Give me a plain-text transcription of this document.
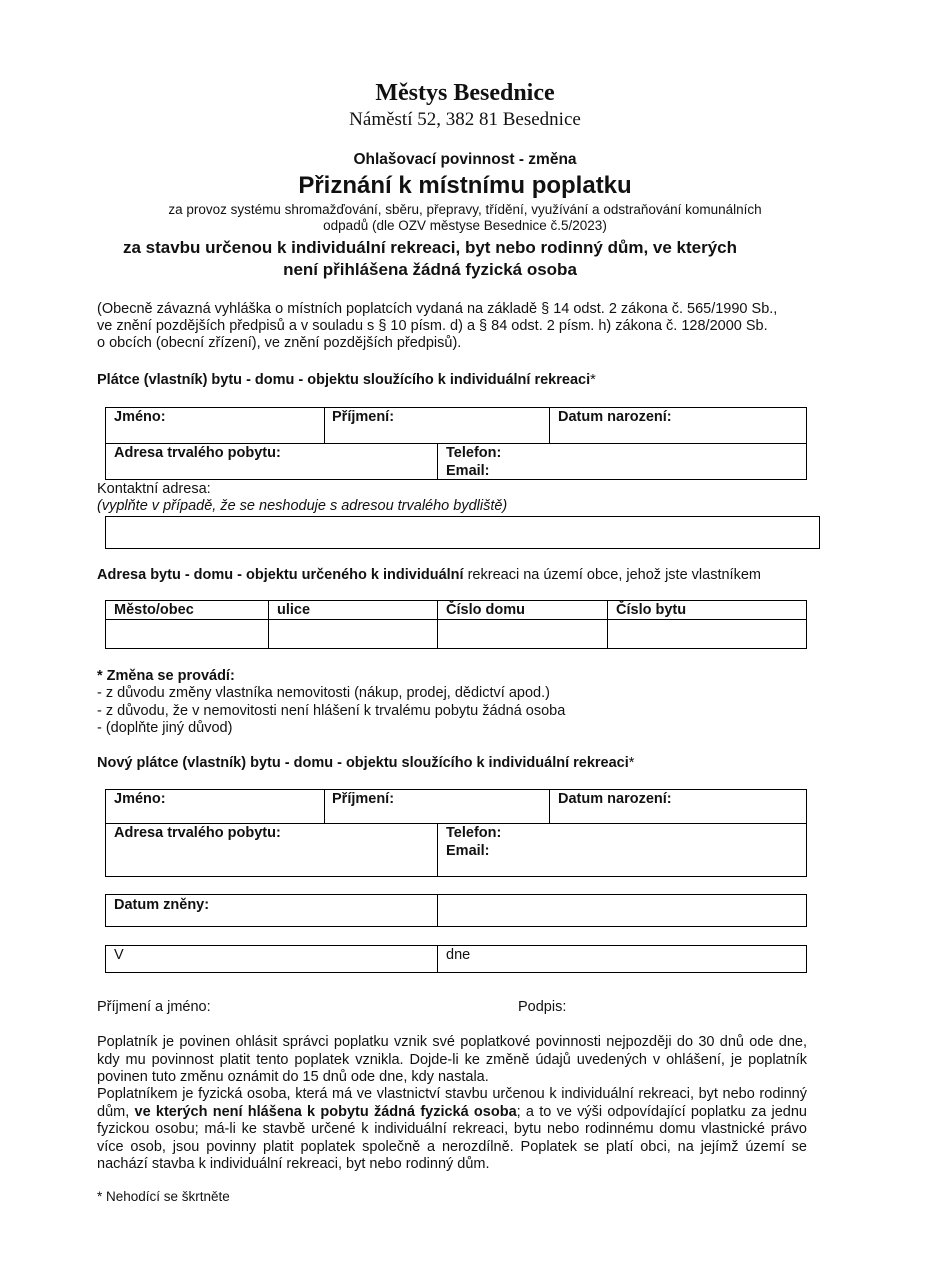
Městys Besednice
Náměstí 52, 382 81 Besednice
Ohlašovací povinnost - změna
Přiznání k místnímu poplatku
za provoz systému shromažďování, sběru, přepravy, třídění, využívání a odstraňování komunálních
odpadů (dle OZV městyse Besednice č.5/2023)
za stavbu určenou k individuální rekreaci, byt nebo rodinný dům, ve kterých
není přihlášena žádná fyzická osoba
(Obecně závazná vyhláška o místních poplatcích vydaná na základě § 14 odst. 2 zákona č. 565/1990 Sb.,
ve znění pozdějších předpisů a v souladu s § 10 písm. d) a § 84 odst. 2 písm. h) zákona č. 128/2000 Sb.
o obcích (obecní zřízení), ve znění pozdějších předpisů).
Plátce (vlastník) bytu - domu - objektu sloužícího k individuální rekreaci*
Jméno:	Příjmení:	Datum narození:
Adresa trvalého pobytu:	Telefon:
Email:
Kontaktní adresa:
(vyplňte v případě, že se neshoduje s adresou trvalého bydliště)
Adresa bytu - domu - objektu určeného k individuální rekreaci na území obce, jehož jste vlastníkem
Město/obec	ulice	Číslo domu	Číslo bytu
* Změna se provádí:
- z důvodu změny vlastníka nemovitosti (nákup, prodej, dědictví apod.)
- z důvodu, že v nemovitosti není hlášení k trvalému pobytu žádná osoba
- (doplňte jiný důvod)
Nový plátce (vlastník) bytu - domu - objektu sloužícího k individuální rekreaci*
Jméno:	Příjmení:	Datum narození:
Adresa trvalého pobytu:	Telefon:
Email:
Datum zněny:
V	dne
Příjmení a jméno:	Podpis:
Poplatník je povinen ohlásit správci poplatku vznik své poplatkové povinnosti nejpozději do 30 dnů ode dne, kdy mu povinnost platit tento poplatek vznikla. Dojde-li ke změně údajů uvedených v ohlášení, je poplatník povinen tuto změnu oznámit do 15 dnů ode dne, kdy nastala.
Poplatníkem je fyzická osoba, která má ve vlastnictví stavbu určenou k individuální rekreaci, byt nebo rodinný dům, ve kterých není hlášena k pobytu žádná fyzická osoba; a to ve výši odpovídající poplatku za jednu fyzickou osobu; má-li ke stavbě určené k individuální rekreaci, bytu nebo rodinnému domu vlastnické právo více osob, jsou povinny platit poplatek společně a nerozdílně. Poplatek se platí obci, na jejímž území se nachází stavba k individuální rekreaci, byt nebo rodinný dům.
* Nehodící se škrtněte
